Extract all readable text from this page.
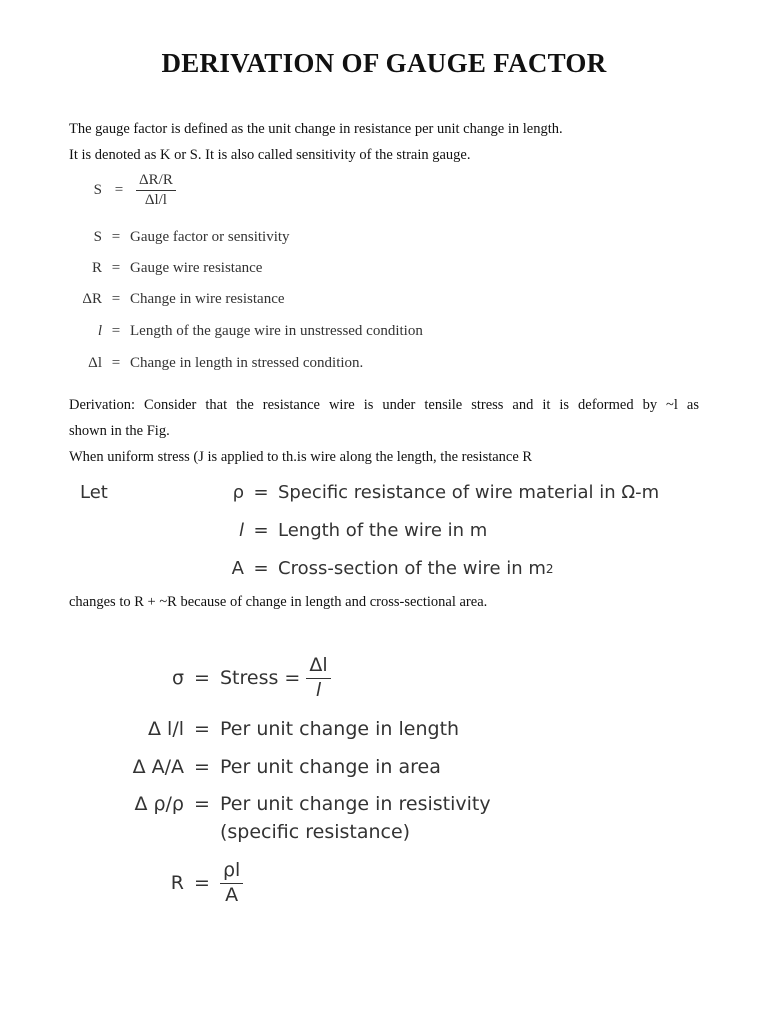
DERIVATION OF GAUGE FACTOR
The gauge factor is defined as the unit change in resistance per unit change in length.
It is denoted as K or S. It is also called sensitivity of the strain gauge.
$S = \frac{\Delta R/R}{\Delta l/l}$
S = Gauge factor or sensitivity
R = Gauge wire resistance
ΔR = Change in wire resistance
l = Length of the gauge wire in unstressed condition
Δl = Change in length in stressed condition.
Derivation: Consider that the resistance wire is under tensile stress and it is deformed by ~l as
shown in the Fig.
When uniform stress (J is applied to th.is wire along the length, the resistance R
Let	ρ = Specific resistance of wire material in Ω-m
l = Length of the wire in m
A = Cross-section of the wire in m 2
changes to R + ~R because of change in length and cross-sectional area.
σ = Stress = $\frac{\Delta l}{l}$
Δ l/l = Per unit change in length
Δ A/A = Per unit change in area
Δ ρ/ρ = Per unit change in resistivity
(specific resistance)
$R = \frac{\rho l}{A}$
